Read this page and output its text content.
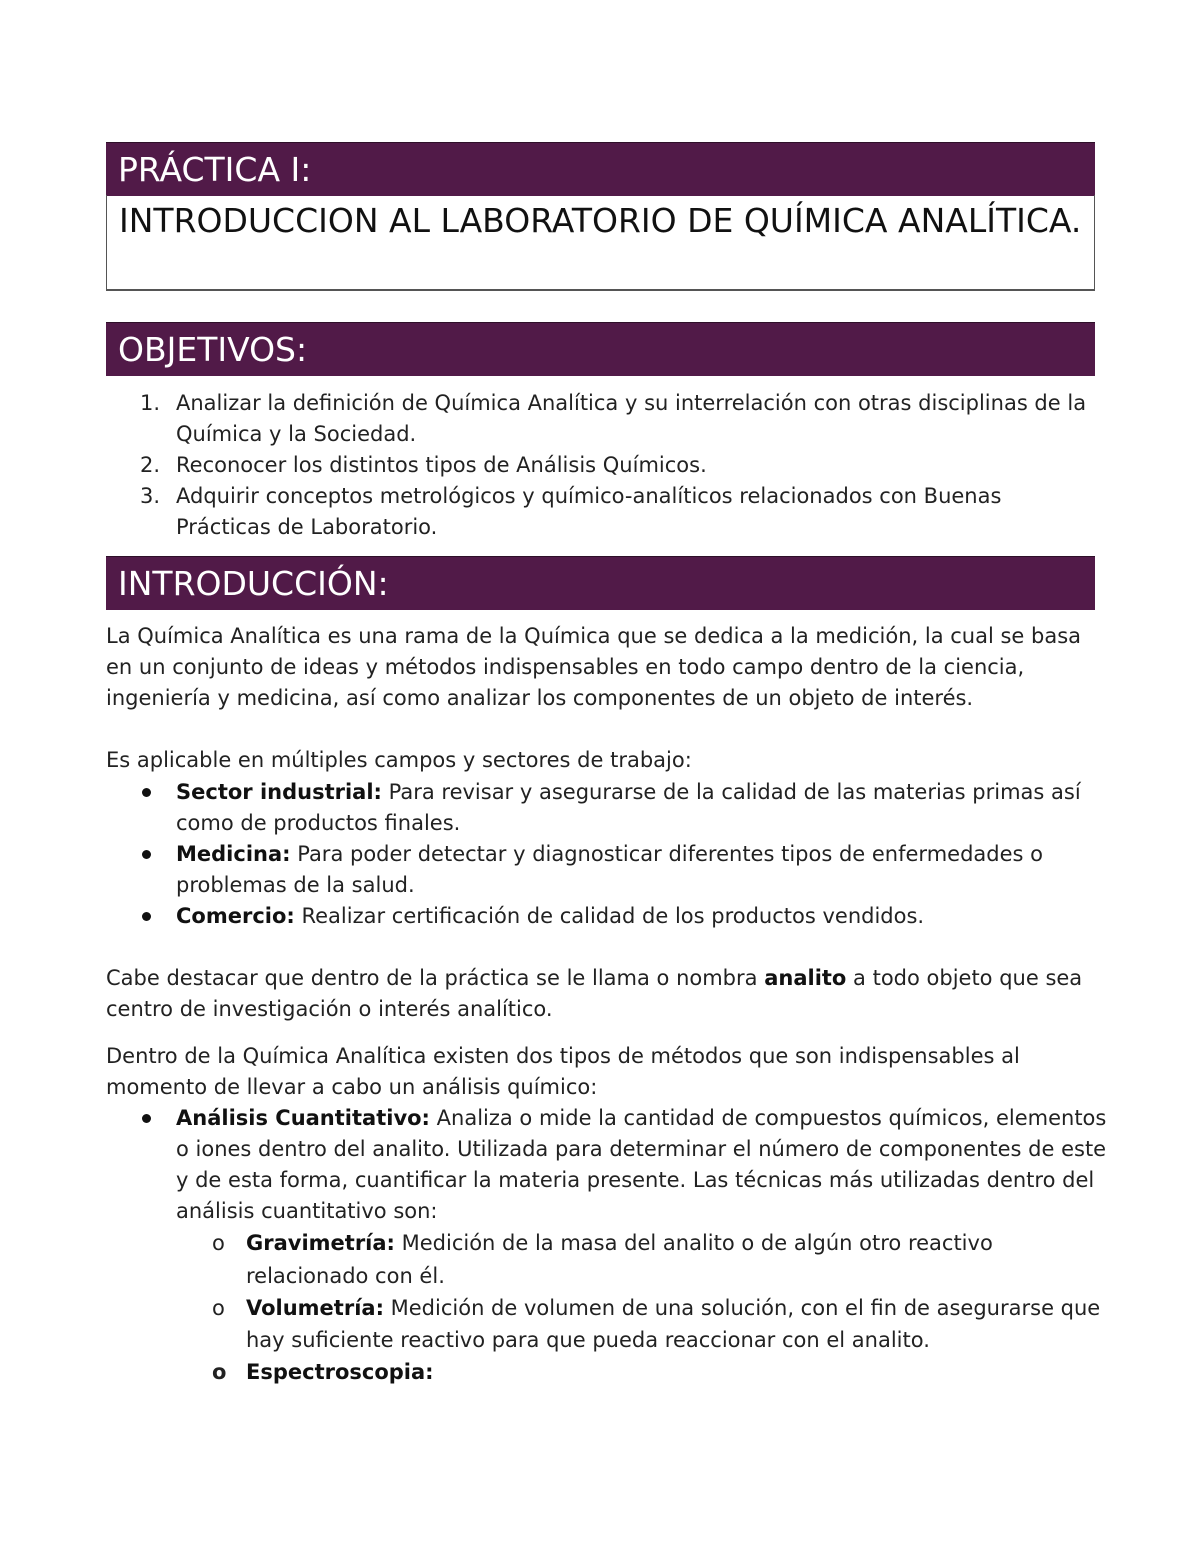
PRÁCTICA I:
INTRODUCCION AL LABORATORIO DE QUÍMICA ANALÍTICA.
OBJETIVOS:
1. Analizar la definición de Química Analítica y su interrelación con otras disciplinas de la
Química y la Sociedad.
2. Reconocer los distintos tipos de Análisis Químicos.
3. Adquirir conceptos metrológicos y químico-analíticos relacionados con Buenas
Prácticas de Laboratorio.
INTRODUCCIÓN:
La Química Analítica es una rama de la Química que se dedica a la medición, la cual se basa
en un conjunto de ideas y métodos indispensables en todo campo dentro de la ciencia,
ingeniería y medicina, así como analizar los componentes de un objeto de interés.
Es aplicable en múltiples campos y sectores de trabajo:
Sector industrial: Para revisar y asegurarse de la calidad de las materias primas así
como de productos finales.
Medicina: Para poder detectar y diagnosticar diferentes tipos de enfermedades o
problemas de la salud.
Comercio: Realizar certificación de calidad de los productos vendidos.
Cabe destacar que dentro de la práctica se le llama o nombra analito a todo objeto que sea
centro de investigación o interés analítico.
Dentro de la Química Analítica existen dos tipos de métodos que son indispensables al
momento de llevar a cabo un análisis químico:
Análisis Cuantitativo: Analiza o mide la cantidad de compuestos químicos, elementos
o iones dentro del analito. Utilizada para determinar el número de componentes de este
y de esta forma, cuantificar la materia presente. Las técnicas más utilizadas dentro del
análisis cuantitativo son:
o Gravimetría: Medición de la masa del analito o de algún otro reactivo
relacionado con él.
o Volumetría: Medición de volumen de una solución, con el fin de asegurarse que
hay suficiente reactivo para que pueda reaccionar con el analito.
o Espectroscopia:
